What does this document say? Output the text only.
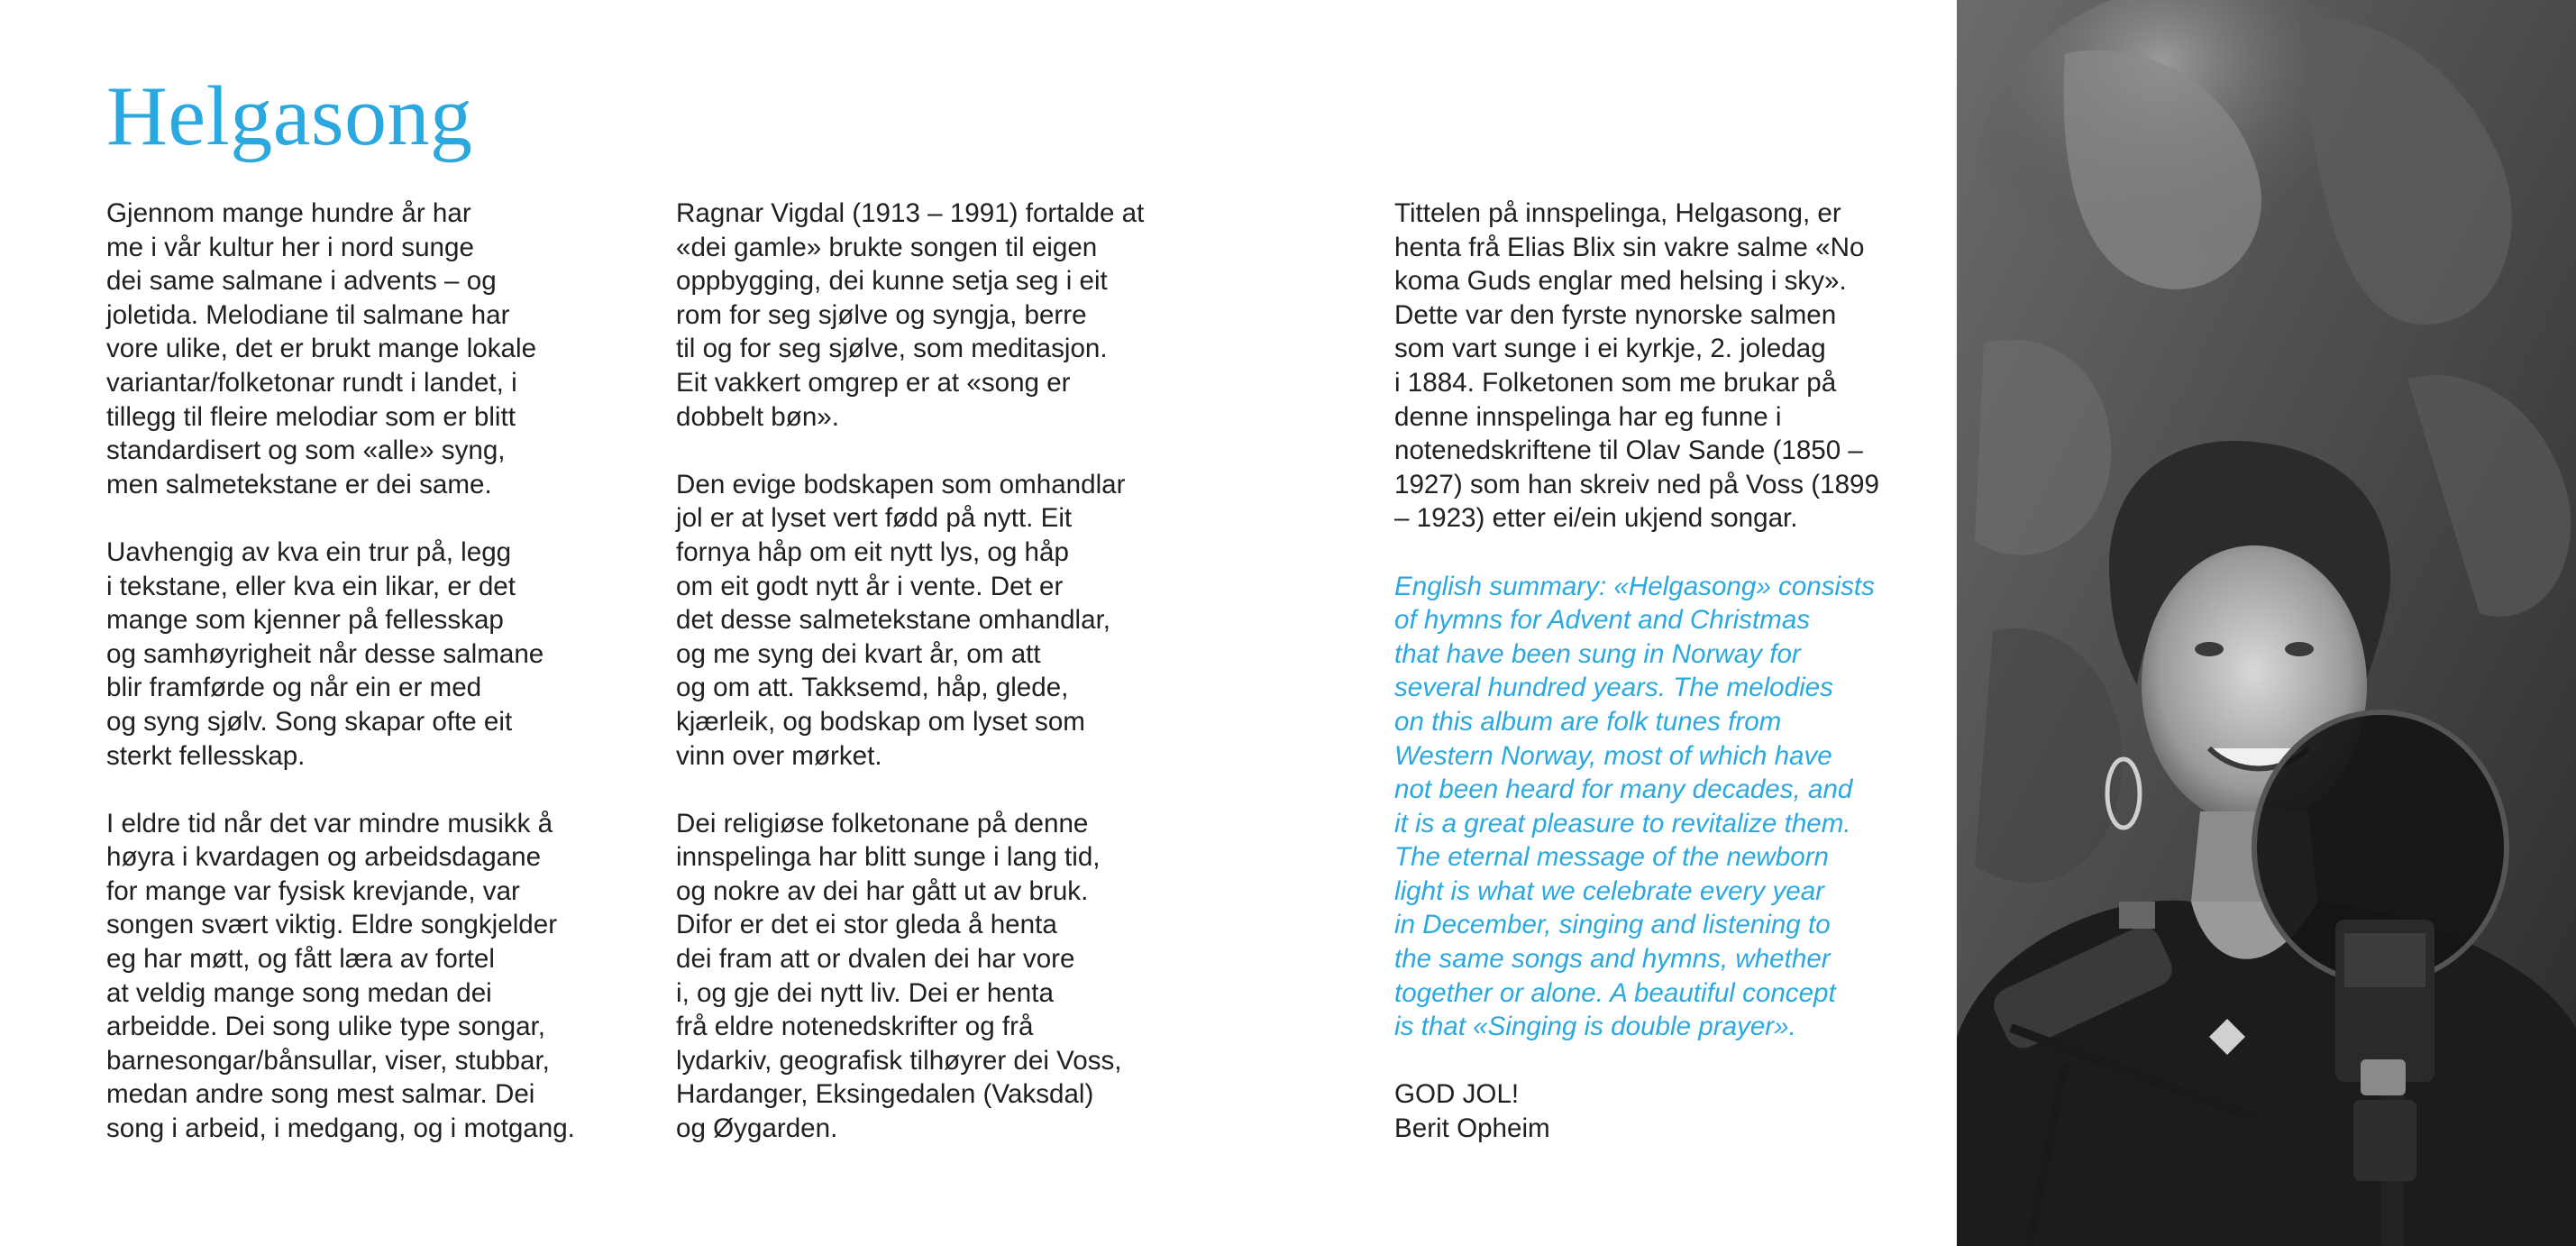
Helgasong

Gjennom mange hundre år har
me i vår kultur her i nord sunge
dei same salmane i advents – og
joletida. Melodiane til salmane har
vore ulike, det er brukt mange lokale
variantar/folketonar rundt i landet, i
tillegg til fleire melodiar som er blitt
standardisert og som «alle» syng,
men salmetekstane er dei same.

Uavhengig av kva ein trur på, legg
i tekstane, eller kva ein likar, er det
mange som kjenner på fellesskap
og samhøyrigheit når desse salmane
blir framførde og når ein er med
og syng sjølv. Song skapar ofte eit
sterkt fellesskap.

I eldre tid når det var mindre musikk å
høyra i kvardagen og arbeidsdagane
for mange var fysisk krevjande, var
songen svært viktig. Eldre songkjelder
eg har møtt, og fått læra av fortel
at veldig mange song medan dei
arbeidde. Dei song ulike type songar,
barnesongar/bånsullar, viser, stubbar,
medan andre song mest salmar. Dei
song i arbeid, i medgang, og i motgang.

Ragnar Vigdal (1913 – 1991) fortalde at
«dei gamle» brukte songen til eigen
oppbygging, dei kunne setja seg i eit
rom for seg sjølve og syngja, berre
til og for seg sjølve, som meditasjon.
Eit vakkert omgrep er at «song er
dobbelt bøn».

Den evige bodskapen som omhandlar
jol er at lyset vert fødd på nytt. Eit
fornya håp om eit nytt lys, og håp
om eit godt nytt år i vente. Det er
det desse salmetekstane omhandlar,
og me syng dei kvart år, om att
og om att. Takksemd, håp, glede,
kjærleik, og bodskap om lyset som
vinn over mørket.

Dei religiøse folketonane på denne
innspelinga har blitt sunge i lang tid,
og nokre av dei har gått ut av bruk.
Difor er det ei stor gleda å henta
dei fram att or dvalen dei har vore
i, og gje dei nytt liv. Dei er henta
frå eldre notenedskrifter og frå
lydarkiv, geografisk tilhøyrer dei Voss,
Hardanger, Eksingedalen (Vaksdal)
og Øygarden.

Tittelen på innspelinga, Helgasong, er
henta frå Elias Blix sin vakre salme «No
koma Guds englar med helsing i sky».
Dette var den fyrste nynorske salmen
som vart sunge i ei kyrkje, 2. joledag
i 1884. Folketonen som me brukar på
denne innspelinga har eg funne i
notenedskriftene til Olav Sande (1850 –
1927) som han skreiv ned på Voss (1899
– 1923) etter ei/ein ukjend songar.

English summary: «Helgasong» consists
of hymns for Advent and Christmas
that have been sung in Norway for
several hundred years. The melodies
on this album are folk tunes from
Western Norway, most of which have
not been heard for many decades, and
it is a great pleasure to revitalize them.
The eternal message of the newborn
light is what we celebrate every year
in December, singing and listening to
the same songs and hymns, whether
together or alone. A beautiful concept
is that «Singing is double prayer».

GOD JOL!
Berit Opheim
